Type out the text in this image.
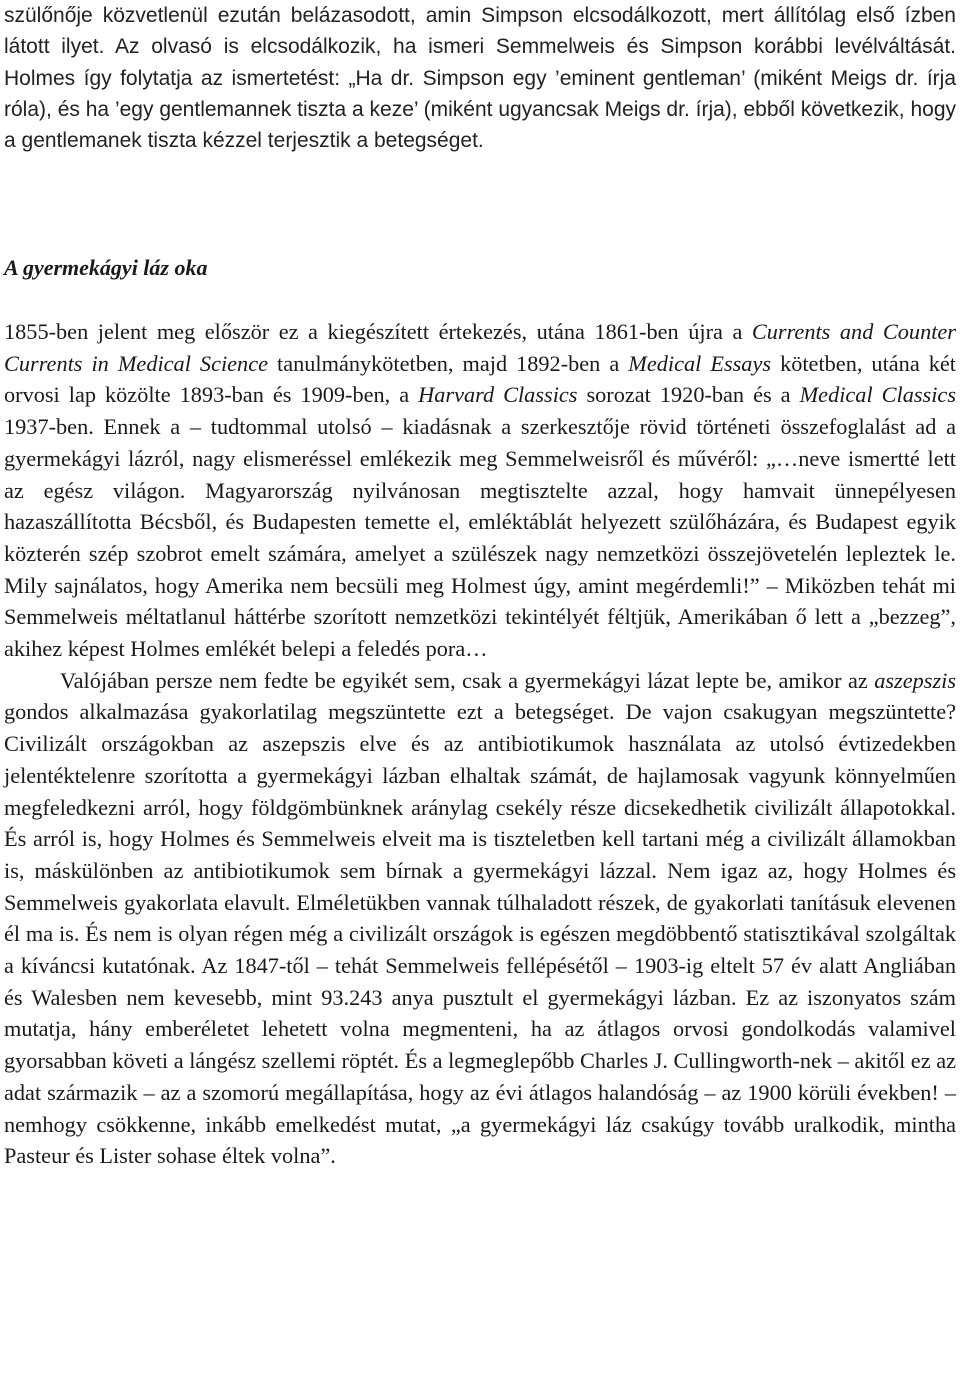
szülőnője közvetlenül ezután belázasodott, amin Simpson elcsodálkozott, mert állítólag első ízben látott ilyet. Az olvasó is elcsodálkozik, ha ismeri Semmelweis és Simpson korábbi levélváltását. Holmes így folytatja az ismertetést: „Ha dr. Simpson egy ’eminent gentleman’ (miként Meigs dr. írja róla), és ha ’egy gentlemannek tiszta a keze’ (miként ugyancsak Meigs dr. írja), ebből következik, hogy a gentlemanek tiszta kézzel terjesztik a betegséget.

A gyermekágyi láz oka

1855-ben jelent meg először ez a kiegészített értekezés, utána 1861-ben újra a Currents and Counter Currents in Medical Science tanulmánykötetben, majd 1892-ben a Medical Essays kötetben, utána két orvosi lap közölte 1893-ban és 1909-ben, a Harvard Classics sorozat 1920-ban és a Medical Classics 1937-ben. Ennek a – tudtommal utolsó – kiadásnak a szerkesztője rövid történeti összefoglalást ad a gyermekágyi lázról, nagy elismeréssel emlékezik meg Semmelweisről és művéről: „…neve ismertté lett az egész világon. Magyarország nyilvánosan megtisztelte azzal, hogy hamvait ünnepélyesen hazaszállította Bécsből, és Budapesten temette el, emléktáblát helyezett szülőházára, és Budapest egyik közterén szép szobrot emelt számára, amelyet a szülészek nagy nemzetközi összejövetelén lepleztek le. Mily sajnálatos, hogy Amerika nem becsüli meg Holmest úgy, amint megérdemli!” – Miközben tehát mi Semmelweis méltatlanul háttérbe szorított nemzetközi tekintélyét féltjük, Amerikában ő lett a „bezzeg”, akihez képest Holmes emlékét belepi a feledés pora…

Valójában persze nem fedte be egyikét sem, csak a gyermekágyi lázat lepte be, amikor az aszepszis gondos alkalmazása gyakorlatilag megszüntette ezt a betegséget. De vajon csakugyan megszüntette? Civilizált országokban az aszepszis elve és az antibiotikumok használata az utolsó évtizedekben jelentéktelenre szorította a gyermekágyi lázban elhaltak számát, de hajlamosak vagyunk könnyelműen megfeledkezni arról, hogy földgömbünknek aránylag csekély része dicsekedhetik civilizált állapotokkal. És arról is, hogy Holmes és Semmelweis elveit ma is tiszteletben kell tartani még a civilizált államokban is, máskülönben az antibiotikumok sem bírnak a gyermekágyi lázzal. Nem igaz az, hogy Holmes és Semmelweis gyakorlata elavult. Elméletükben vannak túlhaladott részek, de gyakorlati tanításuk elevenen él ma is. És nem is olyan régen még a civilizált országok is egészen megdöbbentő statisztikával szolgáltak a kíváncsi kutatónak. Az 1847-től – tehát Semmelweis fellépésétől – 1903-ig eltelt 57 év alatt Angliában és Walesben nem kevesebb, mint 93.243 anya pusztult el gyermekágyi lázban. Ez az iszonyatos szám mutatja, hány emberéletet lehetett volna megmenteni, ha az átlagos orvosi gondolkodás valamivel gyorsabban követi a lángész szellemi röptét. És a legmeglepőbb Charles J. Cullingworth-nek – akitől ez az adat származik – az a szomorú megállapítása, hogy az évi átlagos halandóság – az 1900 körüli években! – nemhogy csökkenne, inkább emelkedést mutat, „a gyermekágyi láz csakúgy tovább uralkodik, mintha Pasteur és Lister sohase éltek volna”.
